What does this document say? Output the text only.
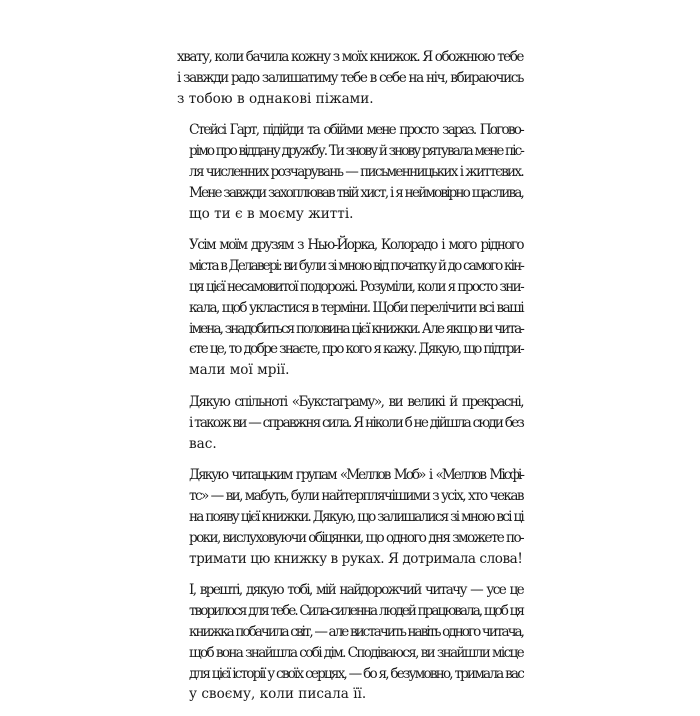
хвату, коли бачила кожну з моїх книжок. Я обожнюю тебе
і завжди радо залишатиму тебе в себе на ніч, вбираючись
з тобою в однакові піжами.
Стейсі Гарт, підійди та обійми мене просто зараз. Погово-
рімо про віддану дружбу. Ти знову й знову рятувала мене піс-
ля численних розчарувань — письменницьких і життєвих.
Мене завжди захоплював твій хист, і я неймовірно щаслива,
що ти є в моєму житті.
Усім моїм друзям з Нью-Йорка, Колорадо і мого рідного
міста в Делавері: ви були зі мною від початку й до самого кін-
ця цієї несамовитої подорожі. Розуміли, коли я просто зни-
кала, щоб укластися в терміни. Щоби перелічити всі ваші
імена, знадобиться половина цієї книжки. Але якщо ви чита-
єте це, то добре знаєте, про кого я кажу. Дякую, що підтри-
мали мої мрії.
Дякую спільноті «Букстаграму», ви великі й прекрасні,
і також ви — справжня сила. Я ніколи б не дійшла сюди без
вас.
Дякую читацьким групам «Меллов Моб» і «Меллов Місфі-
тс» — ви, мабуть, були найтерплячішими з усіх, хто чекав
на появу цієї книжки. Дякую, що залишалися зі мною всі ці
роки, вислуховуючи обіцянки, що одного дня зможете по-
тримати цю книжку в руках. Я дотримала слова!
І, врешті, дякую тобі, мій найдорожчий читачу — усе це
творилося для тебе. Сила-силенна людей працювала, щоб ця
книжка побачила світ, — але вистачить навіть одного читача,
щоб вона знайшла собі дім. Сподіваюся, ви знайшли місце
для цієї історії у своїх серцях, — бо я, безумовно, тримала вас
у своєму, коли писала її.
